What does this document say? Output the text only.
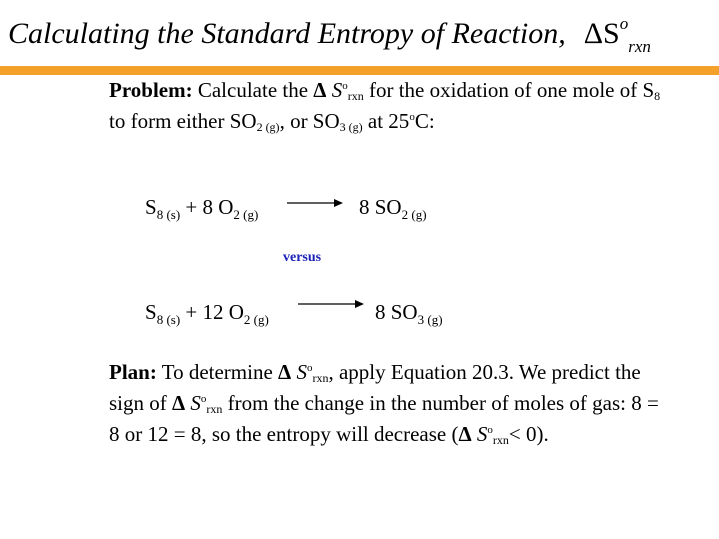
Calculating the Standard Entropy of Reaction, $\Delta S^o_{rxn}$
Problem: Calculate the Δ $S^orxn$ for the oxidation of one mole of S8 to form either SO2 (g), or SO3 (g) at 25$^o$C:
$S_{8 (s)} + 8$ $O_{2 (g)} \to 8$ $SO_{2 (g)}$
versus
$S_{8 (s)} + 12$ $O_{2 (g)}$	8 $SO_{3 (g)}$
Plan: To determine Δ $S^orxn$, apply Equation 20.3. We predict the sign of Δ $S^orxn$ from the change in the number of moles of gas: 8 = 8 or 12 = 8, so the entropy will decrease (Δ $S^orxn< 0$).
